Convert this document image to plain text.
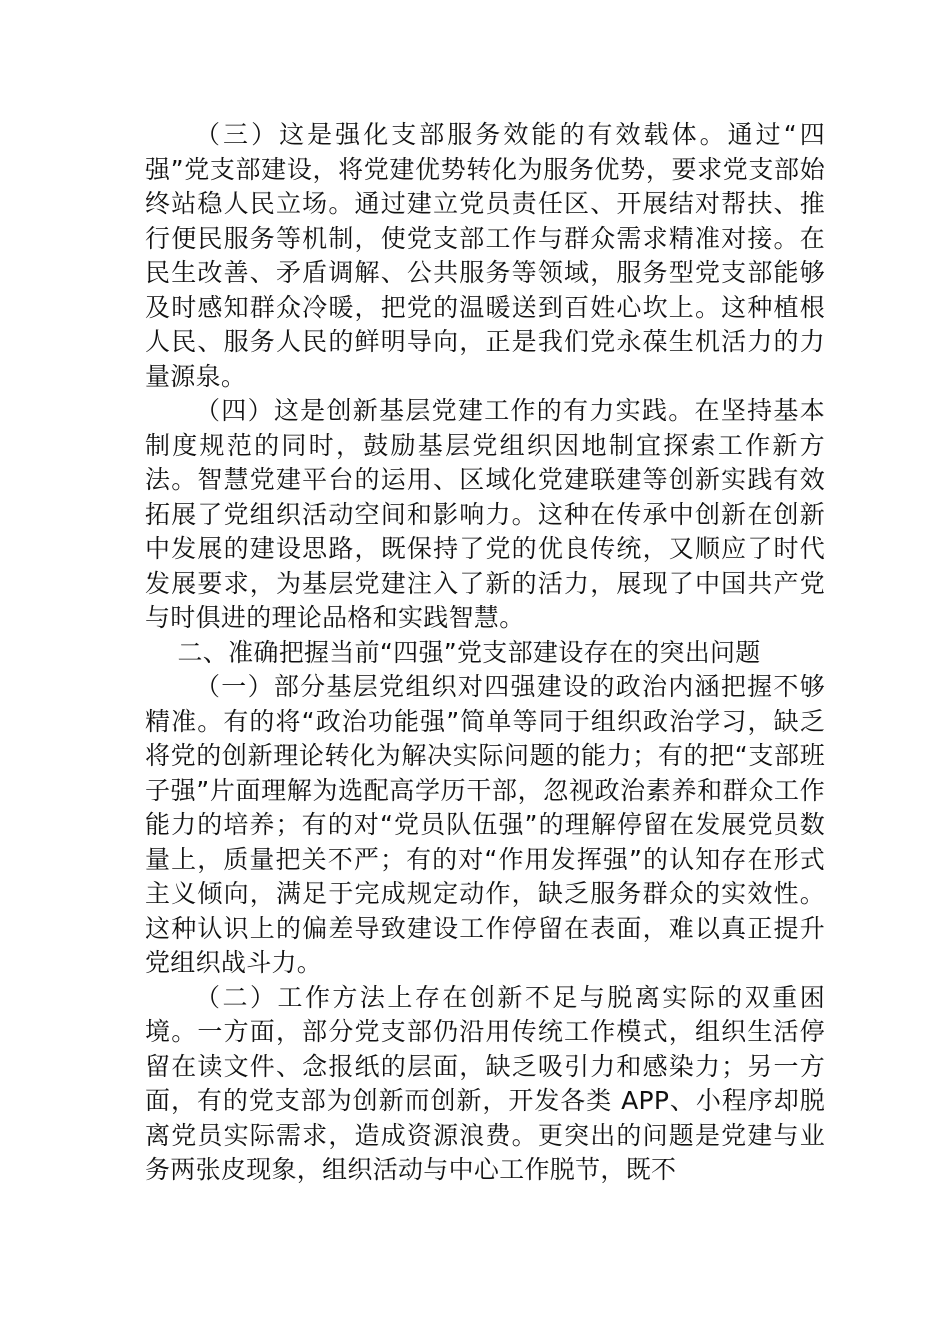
（三）这是强化支部服务效能的有效载体。通过“四强”党支部建设，将党建优势转化为服务优势，要求党支部始终站稳人民立场。通过建立党员责任区、开展结对帮扶、推行便民服务等机制，使党支部工作与群众需求精准对接。在民生改善、矛盾调解、公共服务等领域，服务型党支部能够及时感知群众冷暖，把党的温暖送到百姓心坎上。这种植根人民、服务人民的鲜明导向，正是我们党永葆生机活力的力量源泉。

（四）这是创新基层党建工作的有力实践。在坚持基本制度规范的同时，鼓励基层党组织因地制宜探索工作新方法。智慧党建平台的运用、区域化党建联建等创新实践有效拓展了党组织活动空间和影响力。这种在传承中创新在创新中发展的建设思路，既保持了党的优良传统，又顺应了时代发展要求，为基层党建注入了新的活力，展现了中国共产党与时俱进的理论品格和实践智慧。

二、准确把握当前“四强”党支部建设存在的突出问题

（一）部分基层党组织对四强建设的政治内涵把握不够精准。有的将“政治功能强”简单等同于组织政治学习，缺乏将党的创新理论转化为解决实际问题的能力；有的把“支部班子强”片面理解为选配高学历干部，忽视政治素养和群众工作能力的培养；有的对“党员队伍强”的理解停留在发展党员数量上，质量把关不严；有的对“作用发挥强”的认知存在形式主义倾向，满足于完成规定动作，缺乏服务群众的实效性。这种认识上的偏差导致建设工作停留在表面，难以真正提升党组织战斗力。

（二）工作方法上存在创新不足与脱离实际的双重困境。一方面，部分党支部仍沿用传统工作模式，组织生活停留在读文件、念报纸的层面，缺乏吸引力和感染力；另一方面，有的党支部为创新而创新，开发各类 APP、小程序却脱离党员实际需求，造成资源浪费。更突出的问题是党建与业务两张皮现象，组织活动与中心工作脱节，既不
